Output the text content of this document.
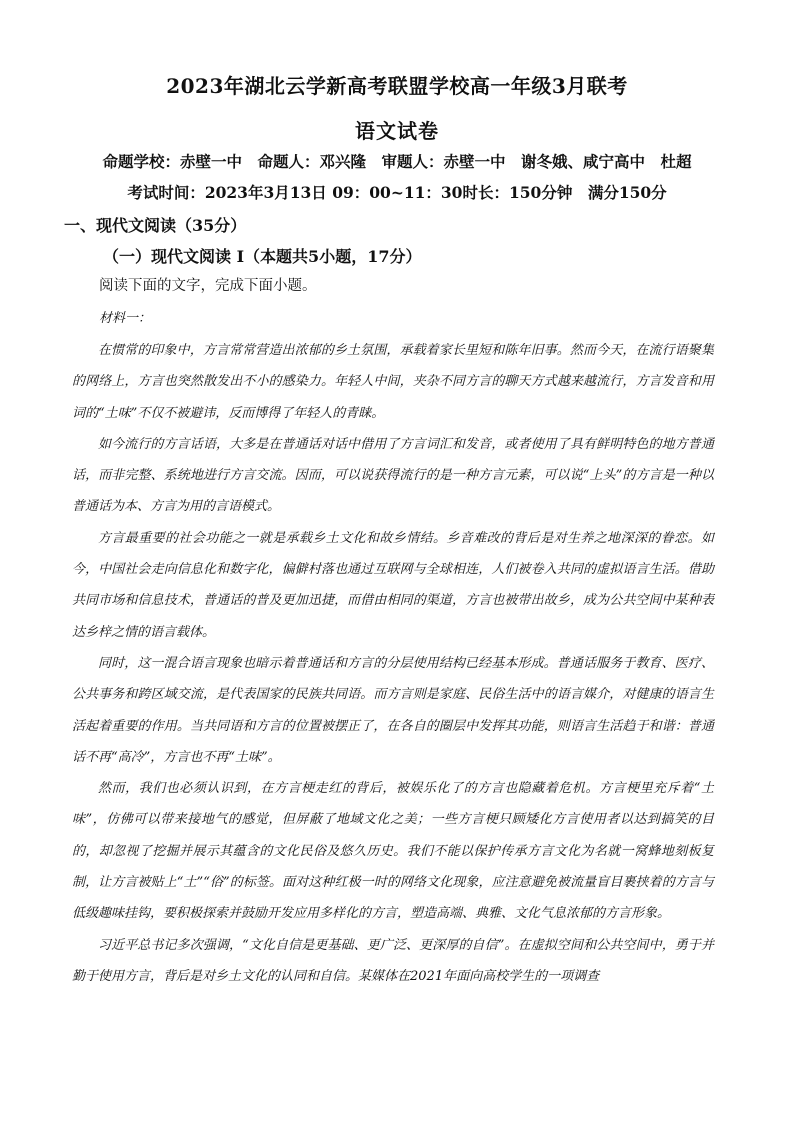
2023年湖北云学新高考联盟学校高一年级3月联考
语文试卷
命题学校：赤壁一中　命题人：邓兴隆　审题人：赤壁一中　谢冬娥、咸宁高中　杜超
考试时间：2023年3月13日 09：00~11：30时长：150分钟　满分150分
一、现代文阅读（35分）
（一）现代文阅读 I（本题共5小题，17分）
阅读下面的文字，完成下面小题。
材料一：

在惯常的印象中，方言常常营造出浓郁的乡土氛围，承载着家长里短和陈年旧事。然而今天，在流行语聚集的网络上，方言也突然散发出不小的感染力。年轻人中间，夹杂不同方言的聊天方式越来越流行，方言发音和用词的“土味”不仅不被避讳，反而博得了年轻人的青睐。

如今流行的方言话语，大多是在普通话对话中借用了方言词汇和发音，或者使用了具有鲜明特色的地方普通话，而非完整、系统地进行方言交流。因而，可以说获得流行的是一种方言元素，可以说“上头”的方言是一种以普通话为本、方言为用的言语模式。

方言最重要的社会功能之一就是承载乡土文化和故乡情结。乡音难改的背后是对生养之地深深的眷恋。如今，中国社会走向信息化和数字化，偏僻村落也通过互联网与全球相连，人们被卷入共同的虚拟语言生活。借助共同市场和信息技术，普通话的普及更加迅捷，而借由相同的渠道，方言也被带出故乡，成为公共空间中某种表达乡梓之情的语言载体。

同时，这一混合语言现象也暗示着普通话和方言的分层使用结构已经基本形成。普通话服务于教育、医疗、公共事务和跨区域交流，是代表国家的民族共同语。而方言则是家庭、民俗生活中的语言媒介，对健康的语言生活起着重要的作用。当共同语和方言的位置被摆正了，在各自的圈层中发挥其功能，则语言生活趋于和谐：普通话不再“高冷”，方言也不再“土味”。

然而，我们也必须认识到，在方言梗走红的背后，被娱乐化了的方言也隐藏着危机。方言梗里充斥着“土味”，仿佛可以带来接地气的感觉，但屏蔽了地域文化之美；一些方言梗只顾矮化方言使用者以达到搞笑的目的，却忽视了挖掘并展示其蕴含的文化民俗及悠久历史。我们不能以保护传承方言文化为名就一窝蜂地刻板复制，让方言被贴上“土”“俗”的标签。面对这种红极一时的网络文化现象，应注意避免被流量盲目裹挟着的方言与低级趣味挂钩，要积极探索并鼓励开发应用多样化的方言，塑造高端、典雅、文化气息浓郁的方言形象。

习近平总书记多次强调，“文化自信是更基础、更广泛、更深厚的自信”。在虚拟空间和公共空间中，勇于并勤于使用方言，背后是对乡土文化的认同和自信。某媒体在2021年面向高校学生的一项调查
